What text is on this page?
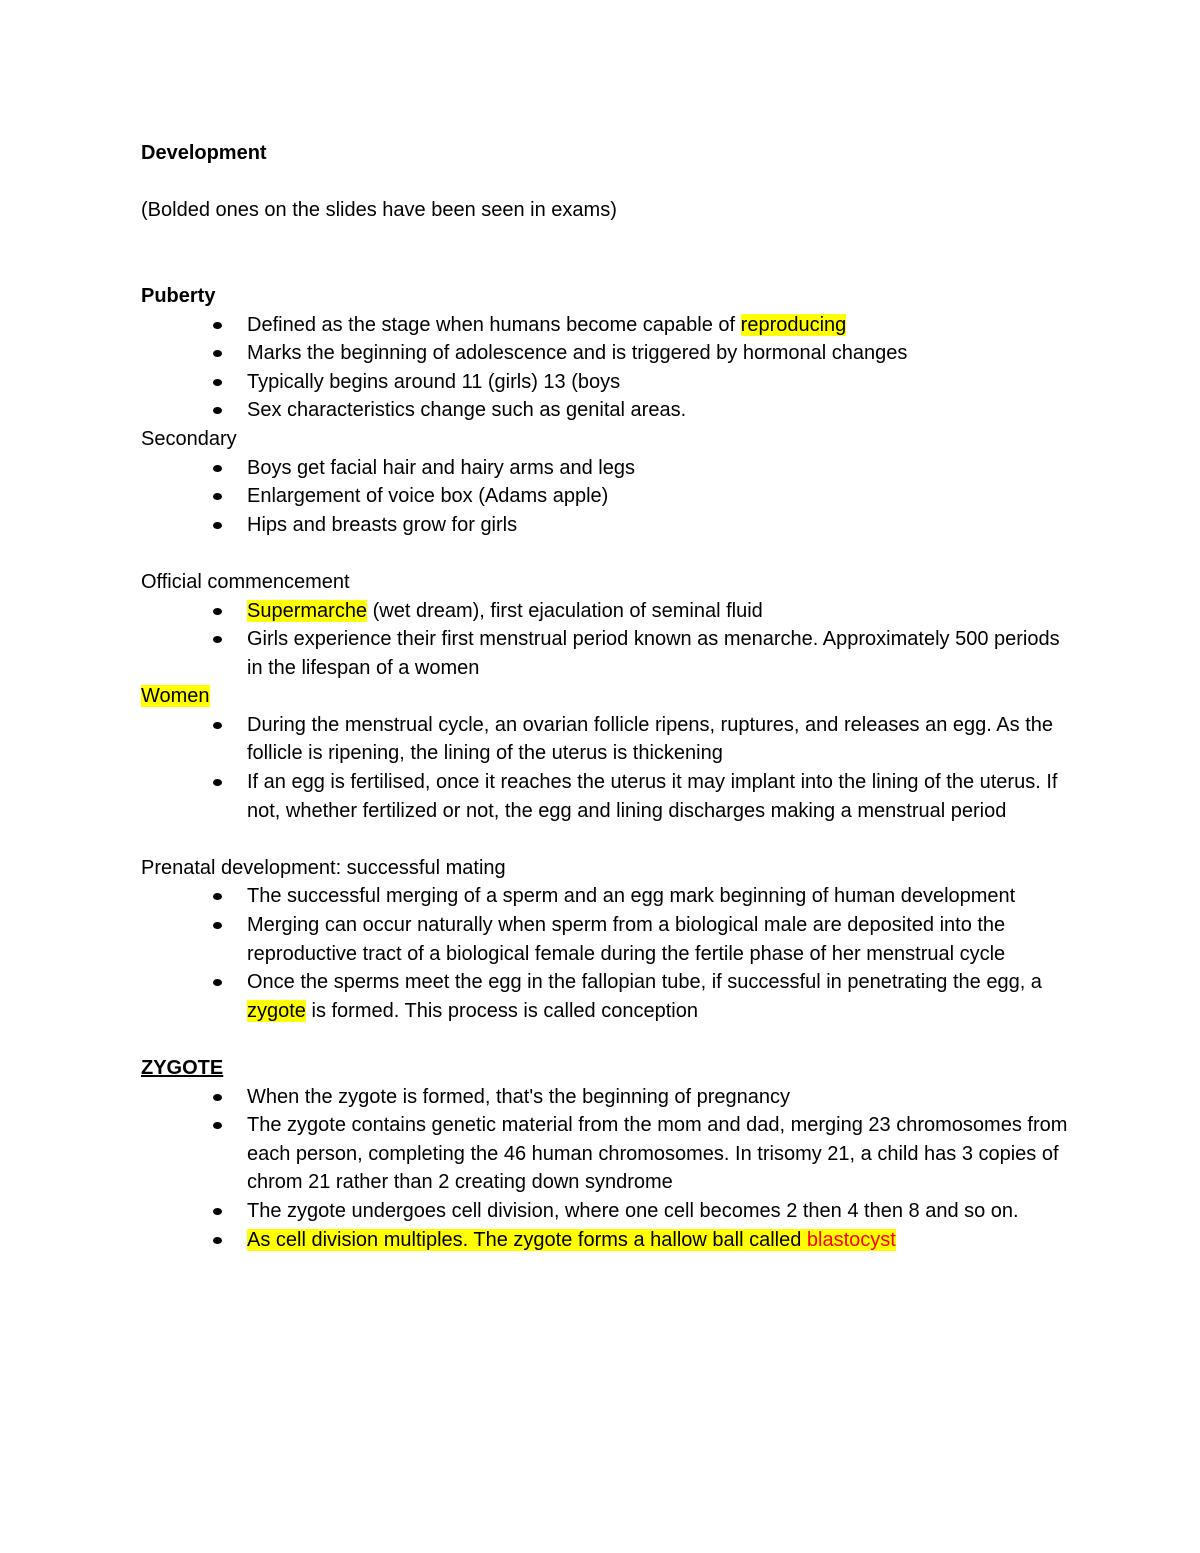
Development

(Bolded ones on the slides have been seen in exams)

Puberty

Defined as the stage when humans become capable of reproducing
Marks the beginning of adolescence and is triggered by hormonal changes
Typically begins around 11 (girls) 13 (boys
Sex characteristics change such as genital areas.

Secondary

Boys get facial hair and hairy arms and legs
Enlargement of voice box (Adams apple)
Hips and breasts grow for girls

Official commencement

Supermarche (wet dream), first ejaculation of seminal fluid
Girls experience their first menstrual period known as menarche. Approximately 500 periods in the lifespan of a women

Women

During the menstrual cycle, an ovarian follicle ripens, ruptures, and releases an egg. As the follicle is ripening, the lining of the uterus is thickening
If an egg is fertilised, once it reaches the uterus it may implant into the lining of the uterus. If not, whether fertilized or not, the egg and lining discharges making a menstrual period

Prenatal development: successful mating

The successful merging of a sperm and an egg mark beginning of human development
Merging can occur naturally when sperm from a biological male are deposited into the reproductive tract of a biological female during the fertile phase of her menstrual cycle
Once the sperms meet the egg in the fallopian tube, if successful in penetrating the egg, a zygote is formed. This process is called conception

ZYGOTE

When the zygote is formed, that's the beginning of pregnancy
The zygote contains genetic material from the mom and dad, merging 23 chromosomes from each person, completing the 46 human chromosomes. In trisomy 21, a child has 3 copies of chrom 21 rather than 2 creating down syndrome
The zygote undergoes cell division, where one cell becomes 2 then 4 then 8 and so on.
As cell division multiples. The zygote forms a hallow ball called blastocyst
